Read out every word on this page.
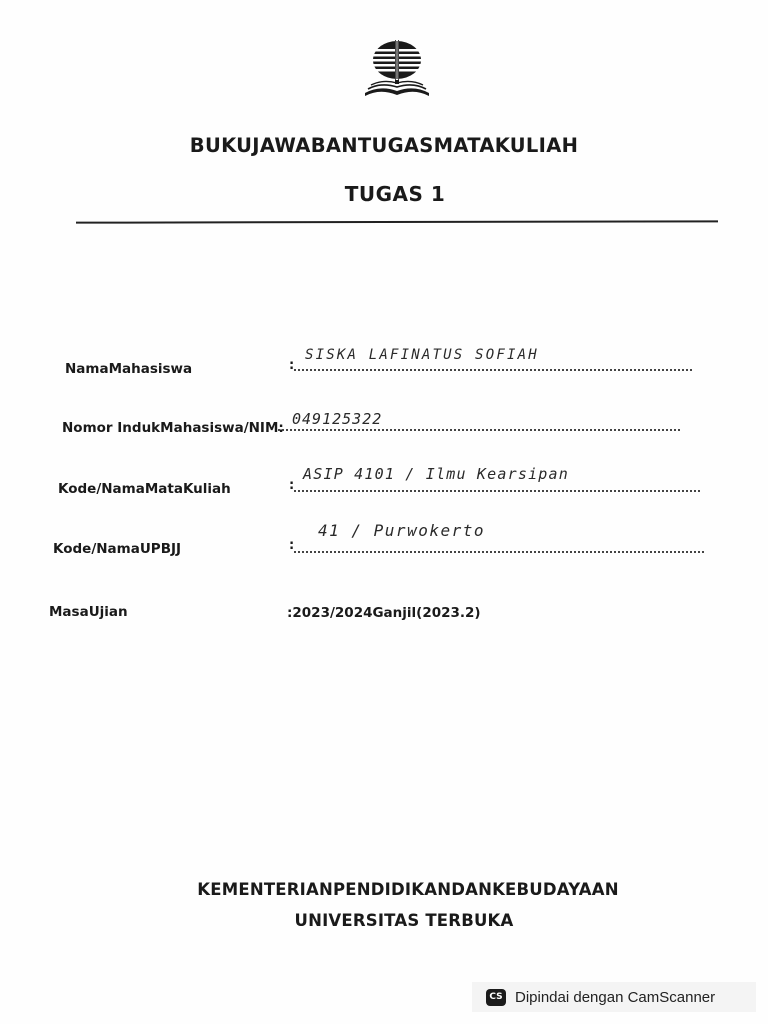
BUKUJAWABANTUGASMATAKULIAH
TUGAS 1
NamaMahasiswa	:
SISKA LAFINATUS SOFIAH
Nomor IndukMahasiswa/NIM: 049125322
Kode/NamaMataKuliah	:
ASIP 4101 / Ilmu Kearsipan
Kode/NamaUPBJJ	:
41 / Purwokerto
MasaUjian	:2023/2024Ganjil(2023.2)
KEMENTERIANPENDIDIKANDANKEBUDAYAAN
UNIVERSITAS TERBUKA
CS Dipindai dengan CamScanner
